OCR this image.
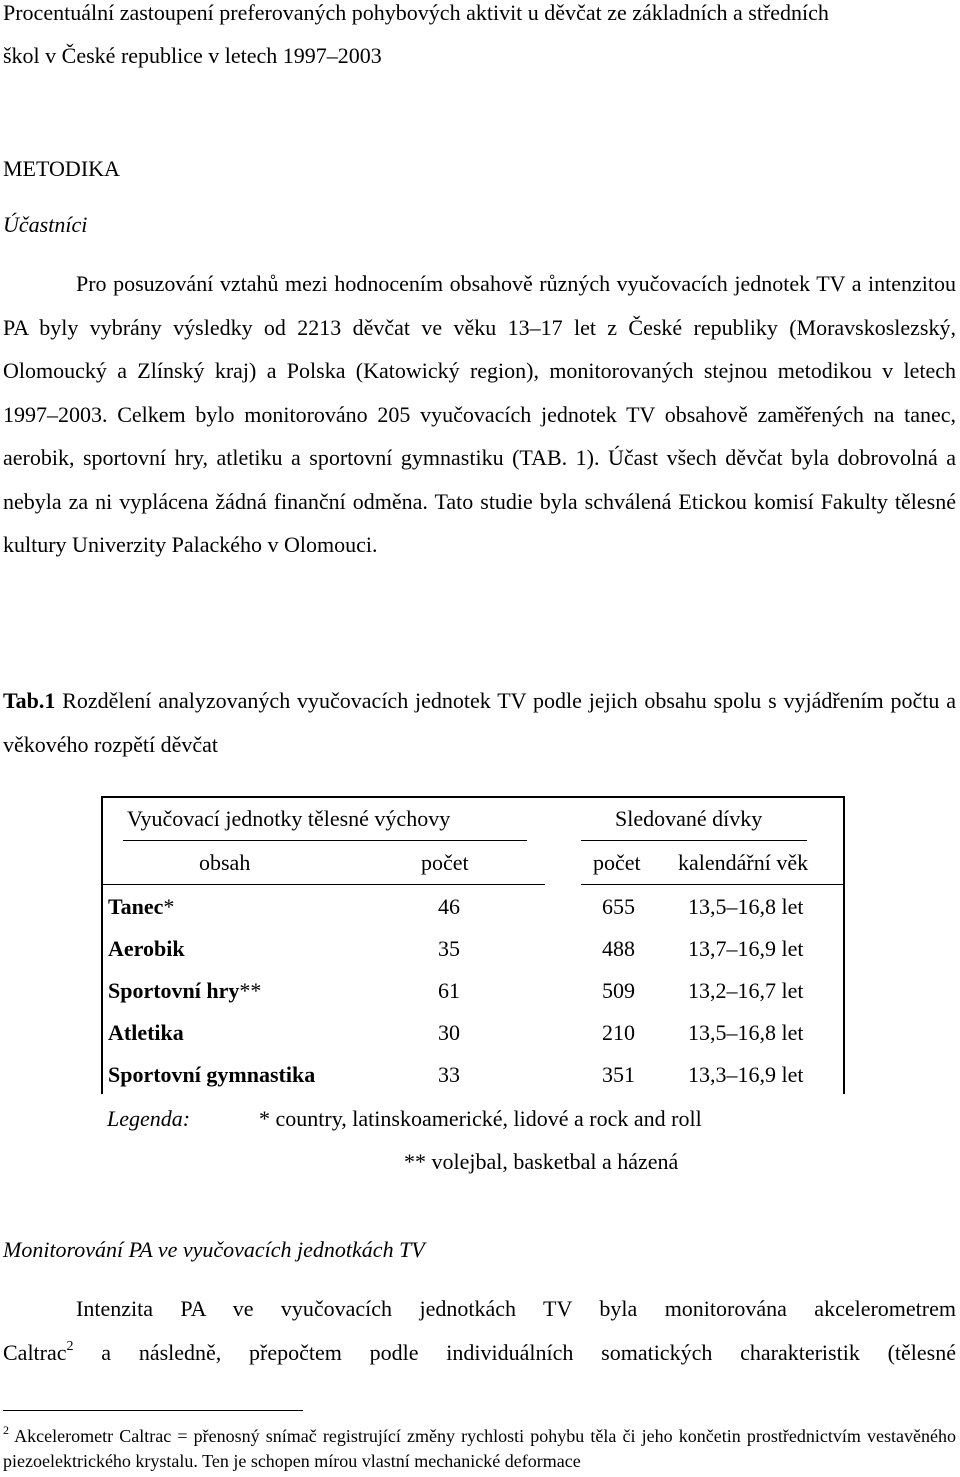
Procentuální zastoupení preferovaných pohybových aktivit u děvčat ze základních a středních
škol v České republice v letech 1997–2003
METODIKA
Účastníci

Pro posuzování vztahů mezi hodnocením obsahově různých vyučovacích jednotek TV a intenzitou PA byly vybrány výsledky od 2213 děvčat ve věku 13–17 let z České republiky (Moravskoslezský, Olomoucký a Zlínský kraj) a Polska (Katowický region), monitorovaných stejnou metodikou v letech 1997–2003. Celkem bylo monitorováno 205 vyučovacích jednotek TV obsahově zaměřených na tanec, aerobik, sportovní hry, atletiku a sportovní gymnastiku (TAB. 1). Účast všech děvčat byla dobrovolná a nebyla za ni vyplácena žádná finanční odměna. Tato studie byla schválená Etickou komisí Fakulty tělesné kultury Univerzity Palackého v Olomouci.

Tab.1 Rozdělení analyzovaných vyučovacích jednotek TV podle jejich obsahu spolu s vyjádřením počtu a věkového rozpětí děvčat

Vyučovací jednotky tělesné výchovy	Sledované dívky
obsah	počet	počet kalendářní věk
Tanec*	46	655 13,5–16,8 let
Aerobik	35	488 13,7–16,9 let
Sportovní hry**	61	509 13,2–16,7 let
Atletika	30	210 13,5–16,8 let
Sportovní gymnastika	33	351 13,3–16,9 let
Legenda:	* country, latinskoamerické, lidové a rock and roll
** volejbal, basketbal a házená
Monitorování PA ve vyučovacích jednotkách TV
Intenzita PA ve vyučovacích jednotkách TV byla monitorována akcelerometrem
Caltrac$^2$ a následně, přepočtem podle individuálních somatických charakteristik (tělesné
$^2$ Akcelerometr Caltrac = přenosný snímač registrující změny rychlosti pohybu těla či jeho končetin prostřednictvím vestavěného piezoelektrického krystalu. Ten je schopen mírou vlastní mechanické deformace
